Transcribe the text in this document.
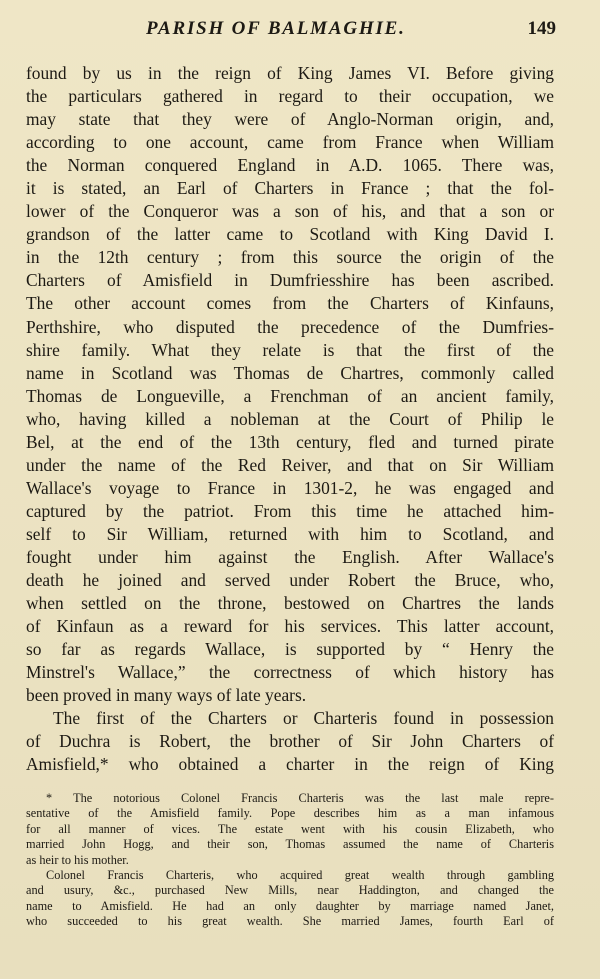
PARISH OF BALMAGHIE.	149
found by us in the reign of King James VI. Before giving
the particulars gathered in regard to their occupation, we
may state that they were of Anglo-Norman origin, and,
according to one account, came from France when William
the Norman conquered England in A.D. 1065. There was,
it is stated, an Earl of Charters in France ; that the fol-
lower of the Conqueror was a son of his, and that a son or
grandson of the latter came to Scotland with King David I.
in the 12th century ; from this source the origin of the
Charters of Amisfield in Dumfriesshire has been ascribed.
The other account comes from the Charters of Kinfauns,
Perthshire, who disputed the precedence of the Dumfries-
shire family. What they relate is that the first of the
name in Scotland was Thomas de Chartres, commonly called
Thomas de Longueville, a Frenchman of an ancient family,
who, having killed a nobleman at the Court of Philip le
Bel, at the end of the 13th century, fled and turned pirate
under the name of the Red Reiver, and that on Sir William
Wallace's voyage to France in 1301-2, he was engaged and
captured by the patriot. From this time he attached him-
self to Sir William, returned with him to Scotland, and
fought under him against the English. After Wallace's
death he joined and served under Robert the Bruce, who,
when settled on the throne, bestowed on Chartres the lands
of Kinfaun as a reward for his services. This latter account,
so far as regards Wallace, is supported by “ Henry the
Minstrel's Wallace,” the correctness of which history has
been proved in many ways of late years.
The first of the Charters or Charteris found in possession
of Duchra is Robert, the brother of Sir John Charters of
Amisfield,* who obtained a charter in the reign of King
* The notorious Colonel Francis Charteris was the last male repre-
sentative of the Amisfield family. Pope describes him as a man infamous
for all manner of vices. The estate went with his cousin Elizabeth, who
married John Hogg, and their son, Thomas assumed the name of Charteris
as heir to his mother.
Colonel Francis Charteris, who acquired great wealth through gambling
and usury, &c., purchased New Mills, near Haddington, and changed the
name to Amisfield. He had an only daughter by marriage named Janet,
who succeeded to his great wealth. She married James, fourth Earl of
